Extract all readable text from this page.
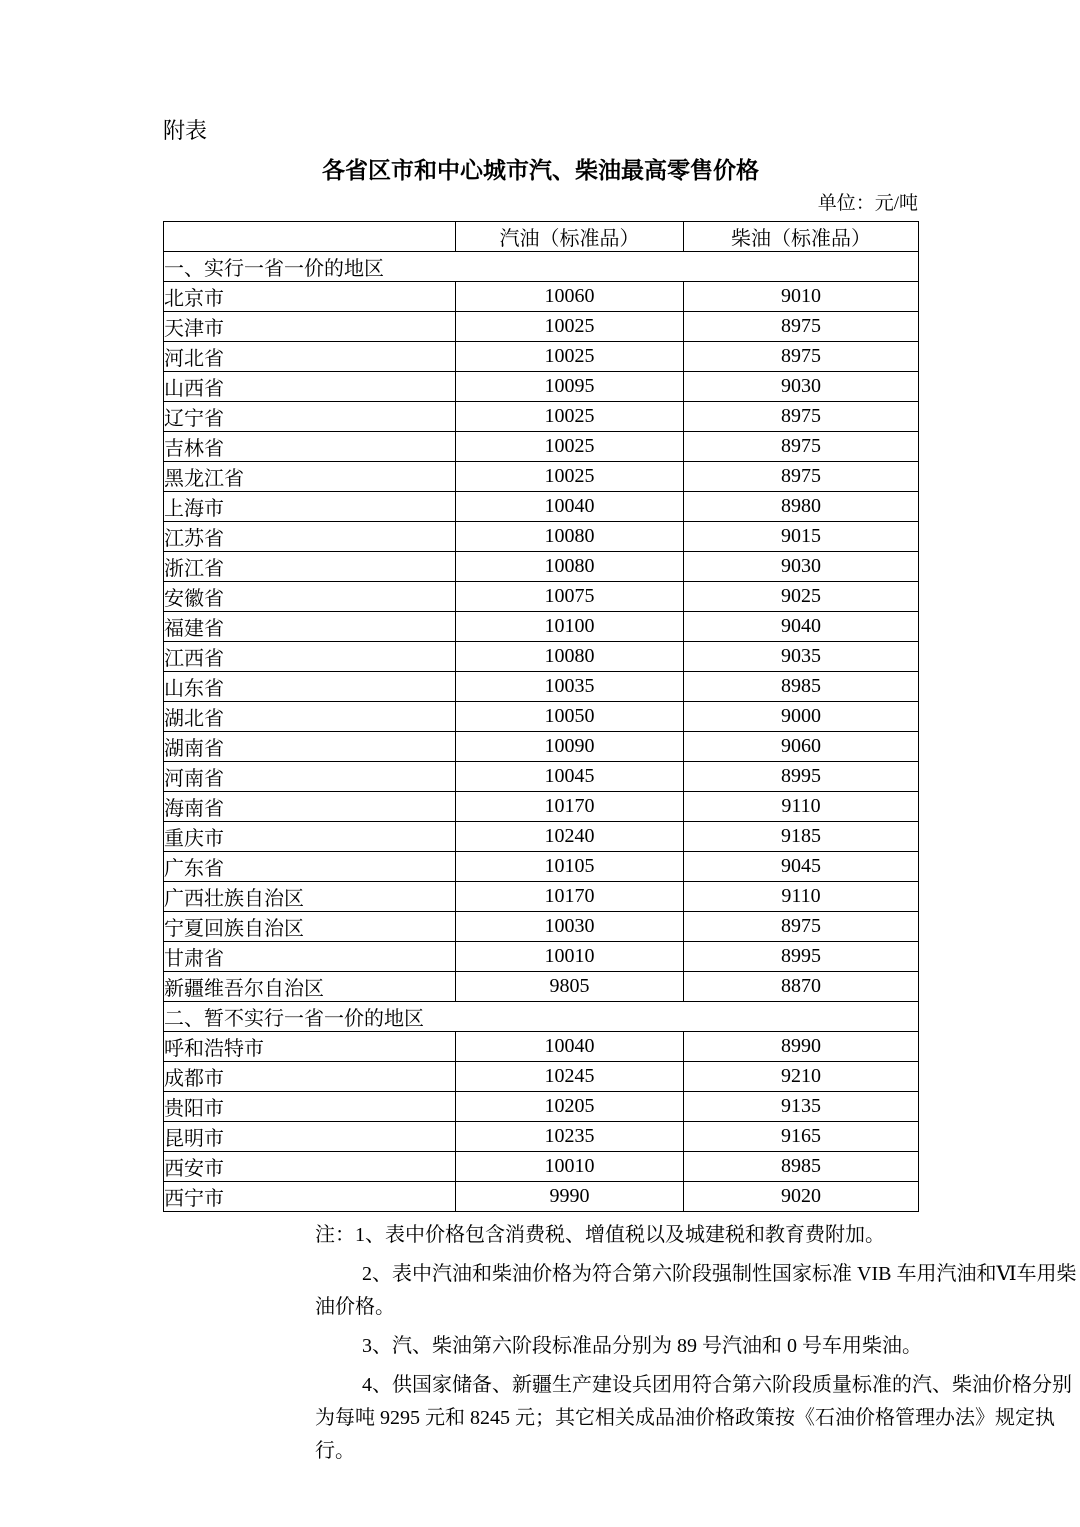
附表

各省区市和中心城市汽、柴油最高零售价格
单位：元/吨
	汽油（标准品）	柴油（标准品）
一、实行一省一价的地区		
北京市	10060	9010
天津市	10025	8975
河北省	10025	8975
山西省	10095	9030
辽宁省	10025	8975
吉林省	10025	8975
黑龙江省	10025	8975
上海市	10040	8980
江苏省	10080	9015
浙江省	10080	9030
安徽省	10075	9025
福建省	10100	9040
江西省	10080	9035
山东省	10035	8985
湖北省	10050	9000
湖南省	10090	9060
河南省	10045	8995
海南省	10170	9110
重庆市	10240	9185
广东省	10105	9045
广西壮族自治区	10170	9110
宁夏回族自治区	10030	8975
甘肃省	10010	8995
新疆维吾尔自治区	9805	8870
二、暂不实行一省一价的地区		
呼和浩特市	10040	8990
成都市	10245	9210
贵阳市	10205	9135
昆明市	10235	9165
西安市	10010	8985
西宁市	9990	9020

注：1、表中价格包含消费税、增值税以及城建税和教育费附加。

2、表中汽油和柴油价格为符合第六阶段强制性国家标准 VIB 车用汽油和Ⅵ车用柴油价格。

3、汽、柴油第六阶段标准品分别为 89 号汽油和 0 号车用柴油。

4、供国家储备、新疆生产建设兵团用符合第六阶段质量标准的汽、柴油价格分别为每吨 9295 元和 8245 元；其它相关成品油价格政策按《石油价格管理办法》规定执行。
